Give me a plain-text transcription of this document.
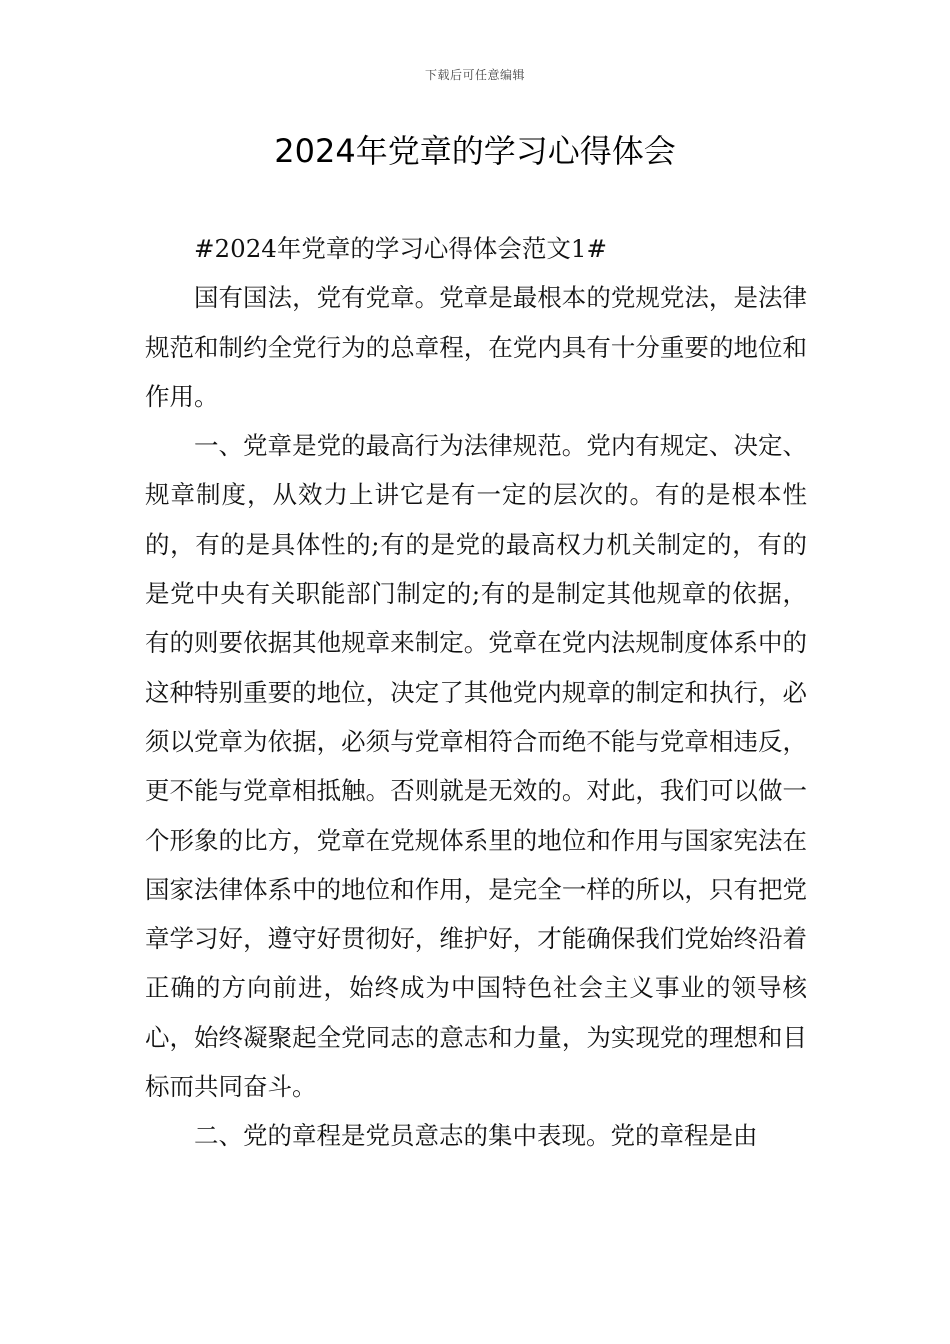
下载后可任意编辑
2024年党章的学习心得体会

#2024年党章的学习心得体会范文1#

国有国法，党有党章。党章是最根本的党规党法，是法律规范和制约全党行为的总章程，在党内具有十分重要的地位和作用。

一、党章是党的最高行为法律规范。党内有规定、决定、规章制度，从效力上讲它是有一定的层次的。有的是根本性的，有的是具体性的;有的是党的最高权力机关制定的，有的是党中央有关职能部门制定的;有的是制定其他规章的依据，有的则要依据其他规章来制定。党章在党内法规制度体系中的这种特别重要的地位，决定了其他党内规章的制定和执行，必须以党章为依据，必须与党章相符合而绝不能与党章相违反，更不能与党章相抵触。否则就是无效的。对此，我们可以做一个形象的比方，党章在党规体系里的地位和作用与国家宪法在国家法律体系中的地位和作用，是完全一样的所以，只有把党章学习好，遵守好贯彻好，维护好，才能确保我们党始终沿着正确的方向前进，始终成为中国特色社会主义事业的领导核心，始终凝聚起全党同志的意志和力量，为实现党的理想和目标而共同奋斗。

二、党的章程是党员意志的集中表现。党的章程是由
